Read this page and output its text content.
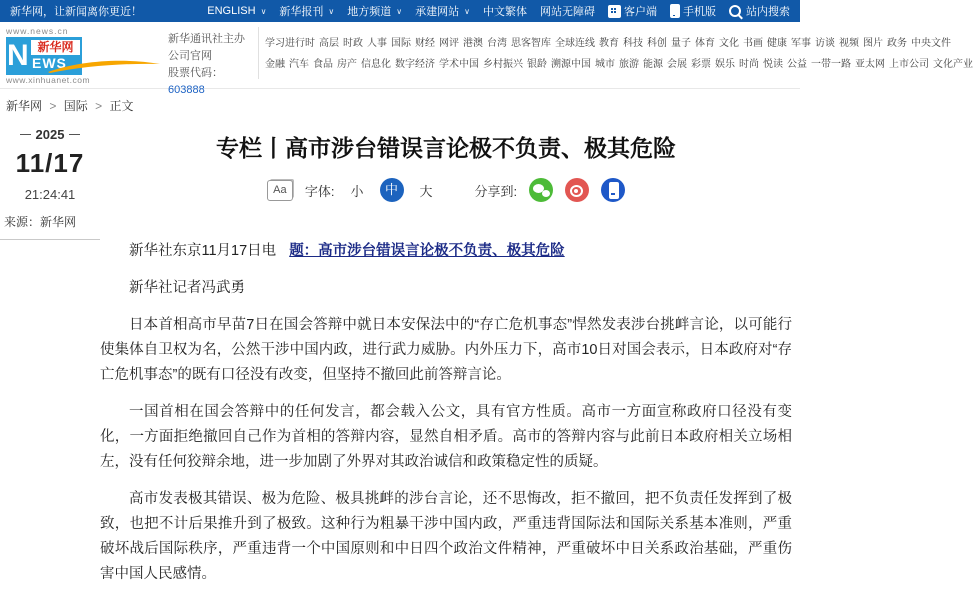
新华网，让新闻离你更近！	ENGLISH ∨ 新华报刊 ∨ 地方频道 ∨ 承建网站 ∨ 中文繁体 网站无障碍	客户端 手机版	站内搜索
www.news.cn
N 新华网
EWS
www.xinhuanet.com
新华通讯社主办
公司官网
股票代码：603888
学习进行时 高层 时政 人事 国际 财经 网评 港澳 台湾 思客智库 全球连线 教育 科技 科创 量子 体育 文化 书画 健康 军事 访谈 视频 图片 政务 中央文件
金融 汽车 食品 房产 信息化 数字经济 学术中国 乡村振兴 银龄 溯源中国 城市 旅游 能源 会展 彩票 娱乐 时尚 悦读 公益 一带一路 亚太网 上市公司 文化产业
新华网 > 国际 > 正文
2025
11/17
21:24:41
来源：新华网
专栏丨高市涉台错误言论极不负责、极其危险
Aa	字体:	小	中	大	分享到:

新华社东京11月17日电 题：高市涉台错误言论极不负责、极其危险

新华社记者冯武勇

日本首相高市早苗7日在国会答辩中就日本安保法中的“存亡危机事态”悍然发表涉台挑衅言论，以可能行使集体自卫权为名，公然干涉中国内政，进行武力威胁。内外压力下，高市10日对国会表示，日本政府对“存亡危机事态”的既有口径没有改变，但坚持不撤回此前答辩言论。

一国首相在国会答辩中的任何发言，都会载入公文，具有官方性质。高市一方面宣称政府口径没有变化，一方面拒绝撤回自己作为首相的答辩内容，显然自相矛盾。高市的答辩内容与此前日本政府相关立场相左，没有任何狡辩余地，进一步加剧了外界对其政治诚信和政策稳定性的质疑。

高市发表极其错误、极为危险、极具挑衅的涉台言论，还不思悔改，拒不撤回，把不负责任发挥到了极致，也把不计后果推升到了极致。这种行为粗暴干涉中国内政，严重违背国际法和国际关系基本准则，严重破坏战后国际秩序，严重违背一个中国原则和中日四个政治文件精神，严重破坏中日关系政治基础，严重伤害中国人民感情。
